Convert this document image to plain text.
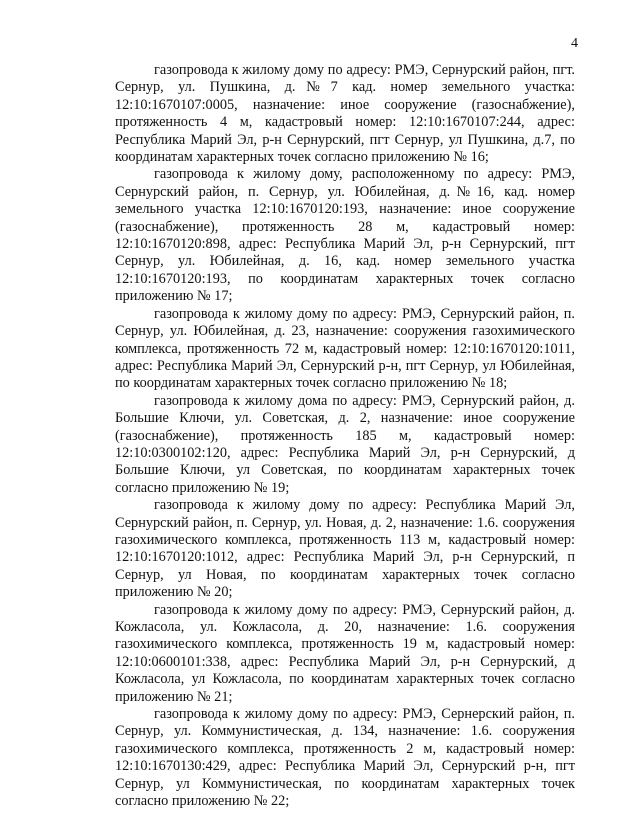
4

газопровода к жилому дому по адресу: РМЭ, Сернурский район, пгт. Сернур, ул. Пушкина, д.№7 кад. номер земельного участка: 12:10:1670107:0005, назначение: иное сооружение (газоснабжение), протяженность 4 м, кадастровый номер: 12:10:1670107:244, адрес: Республика Марий Эл, р-н Сернурский, пгт Сернур, ул Пушкина, д.7, по координатам характерных точек согласно приложению № 16;

газопровода к жилому дому, расположенному по адресу: РМЭ, Сернурский район, п. Сернур, ул. Юбилейная, д.№16, кад. номер земельного участка 12:10:1670120:193, назначение: иное сооружение (газоснабжение), протяженность 28 м, кадастровый номер: 12:10:1670120:898, адрес: Республика Марий Эл, р-н Сернурский, пгт Сернур, ул. Юбилейная, д. 16, кад. номер земельного участка 12:10:1670120:193, по координатам характерных точек согласно приложению № 17;

газопровода к жилому дому по адресу: РМЭ, Сернурский район, п. Сернур, ул. Юбилейная, д. 23, назначение: сооружения газохимического комплекса, протяженность 72 м, кадастровый номер: 12:10:1670120:1011, адрес: Республика Марий Эл, Сернурский р-н, пгт Сернур, ул Юбилейная, по координатам характерных точек согласно приложению № 18;

газопровода к жилому дома по адресу: РМЭ, Сернурский район, д. Большие Ключи, ул. Советская, д. 2, назначение: иное сооружение (газоснабжение), протяженность 185 м, кадастровый номер: 12:10:0300102:120, адрес: Республика Марий Эл, р-н Сернурский, д Большие Ключи, ул Советская, по координатам характерных точек согласно приложению № 19;

газопровода к жилому дому по адресу: Республика Марий Эл, Сернурский район, п. Сернур, ул. Новая, д. 2, назначение: 1.6. сооружения газохимического комплекса, протяженность 113 м, кадастровый номер: 12:10:1670120:1012, адрес: Республика Марий Эл, р-н Сернурский, п Сернур, ул Новая, по координатам характерных точек согласно приложению № 20;

газопровода к жилому дому по адресу: РМЭ, Сернурский район, д. Кожласола, ул. Кожласола, д. 20, назначение: 1.6. сооружения газохимического комплекса, протяженность 19 м, кадастровый номер: 12:10:0600101:338, адрес: Республика Марий Эл, р-н Сернурский, д Кожласола, ул Кожласола, по координатам характерных точек согласно приложению № 21;

газопровода к жилому дому по адресу: РМЭ, Сернерский район, п. Сернур, ул. Коммунистическая, д. 134, назначение: 1.6. сооружения газохимического комплекса, протяженность 2 м, кадастровый номер: 12:10:1670130:429, адрес: Республика Марий Эл, Сернурский р-н, пгт Сернур, ул Коммунистическая, по координатам характерных точек согласно приложению № 22;
